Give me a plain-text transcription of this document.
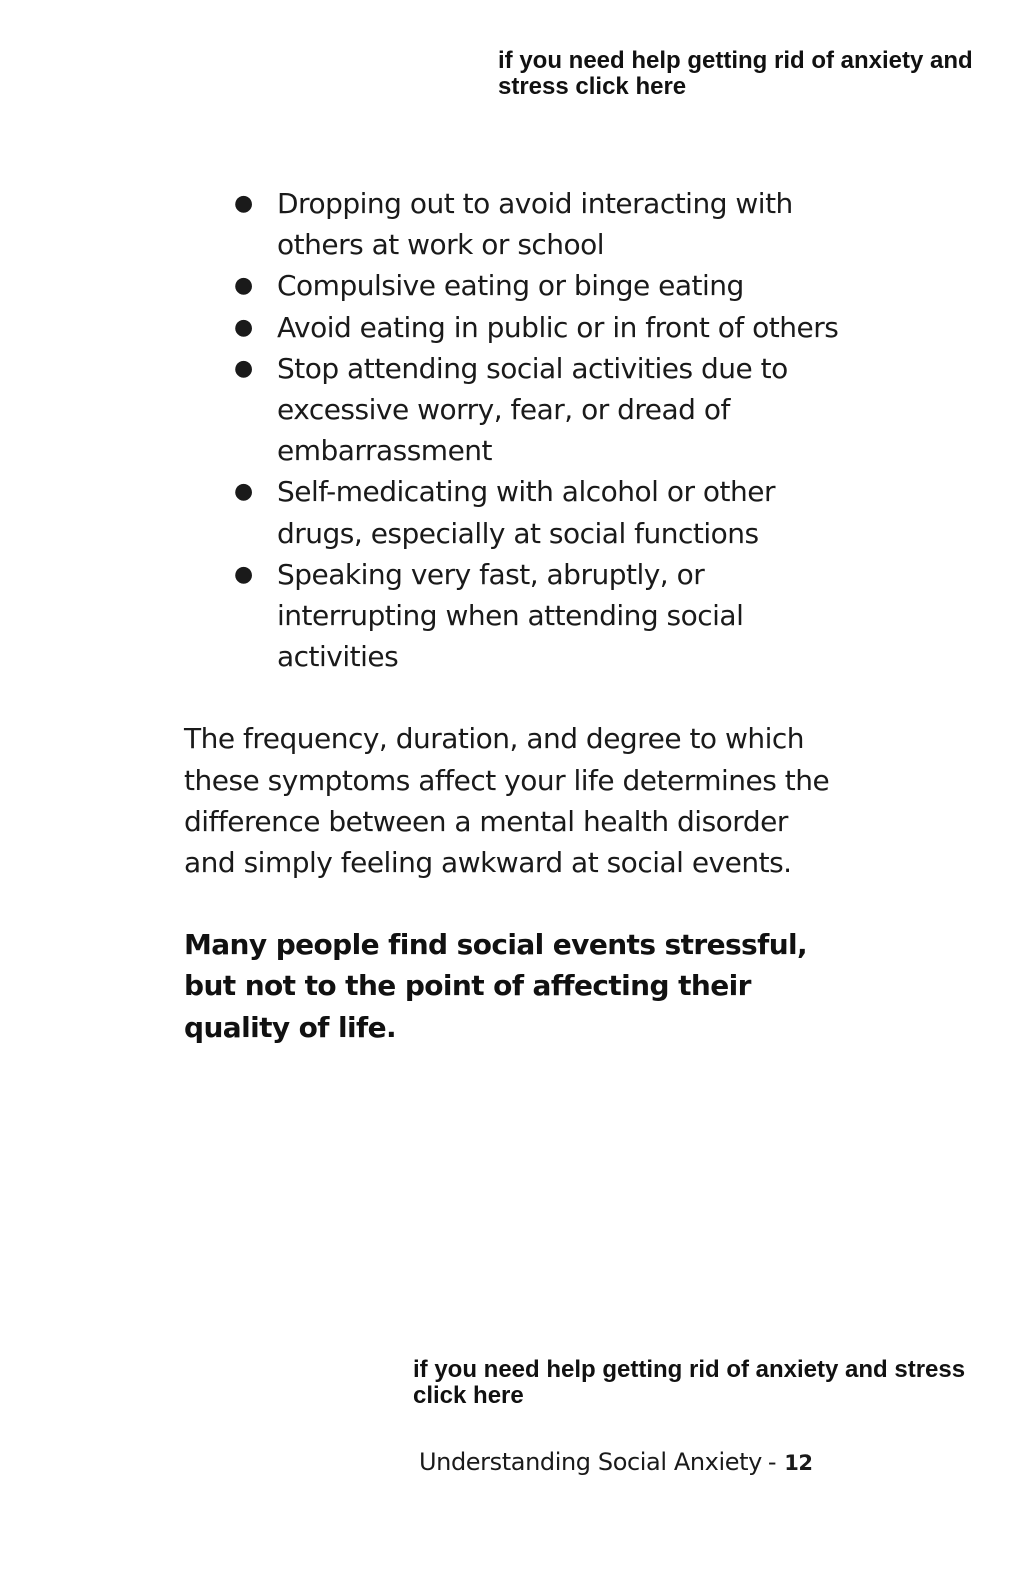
if you need help getting rid of anxiety and stress click here
● Dropping out to avoid interacting with others at work or school
● Compulsive eating or binge eating
● Avoid eating in public or in front of others
● Stop attending social activities due to excessive worry, fear, or dread of embarrassment
● Self-medicating with alcohol or other drugs, especially at social functions
● Speaking very fast, abruptly, or interrupting when attending social activities

The frequency, duration, and degree to which these symptoms affect your life determines the difference between a mental health disorder and simply feeling awkward at social events.

Many people find social events stressful, but not to the point of affecting their quality of life.

if you need help getting rid of anxiety and stress click here
Understanding Social Anxiety - 12
